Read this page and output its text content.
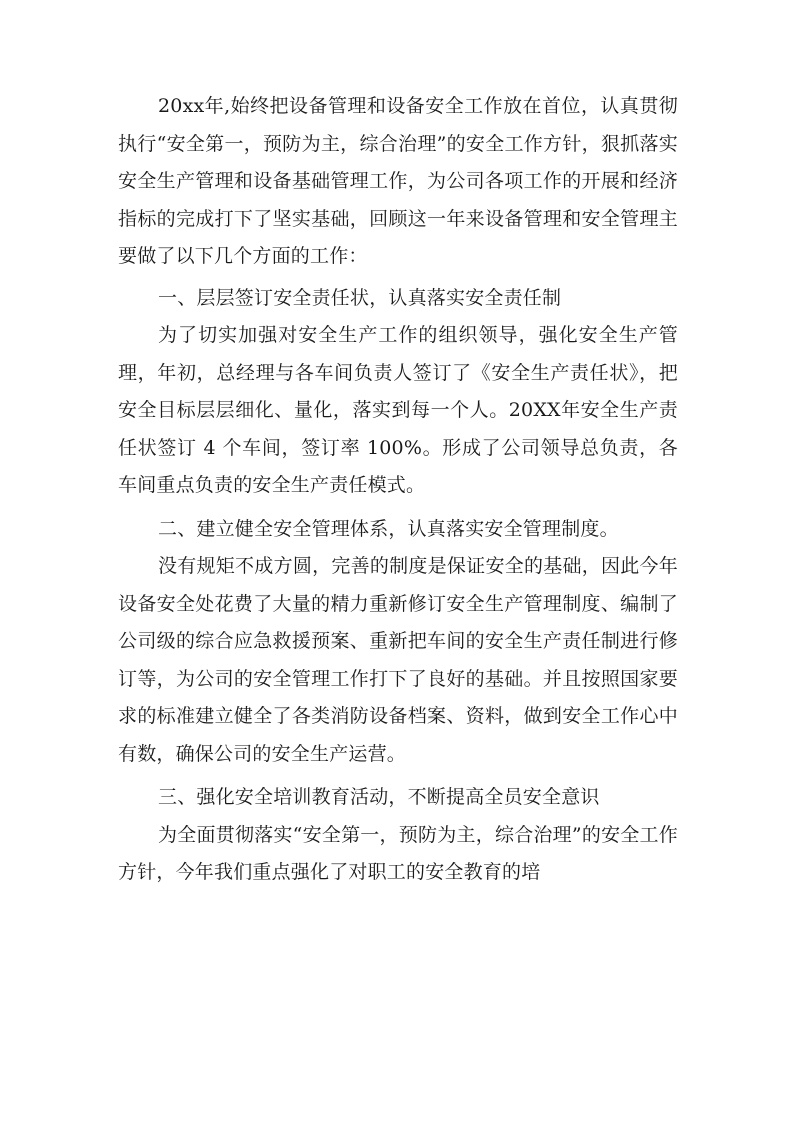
20xx年,始终把设备管理和设备安全工作放在首位，认真贯彻执行“安全第一，预防为主，综合治理”的安全工作方针，狠抓落实安全生产管理和设备基础管理工作，为公司各项工作的开展和经济指标的完成打下了坚实基础，回顾这一年来设备管理和安全管理主要做了以下几个方面的工作：

一、层层签订安全责任状，认真落实安全责任制

为了切实加强对安全生产工作的组织领导，强化安全生产管理，年初，总经理与各车间负责人签订了《安全生产责任状》，把安全目标层层细化、量化，落实到每一个人。20XX年安全生产责任状签订 4 个车间，签订率 100%。形成了公司领导总负责，各车间重点负责的安全生产责任模式。

二、建立健全安全管理体系，认真落实安全管理制度。

没有规矩不成方圆，完善的制度是保证安全的基础，因此今年设备安全处花费了大量的精力重新修订安全生产管理制度、编制了公司级的综合应急救援预案、重新把车间的安全生产责任制进行修订等，为公司的安全管理工作打下了良好的基础。并且按照国家要求的标准建立健全了各类消防设备档案、资料，做到安全工作心中有数，确保公司的安全生产运营。

三、强化安全培训教育活动，不断提高全员安全意识

为全面贯彻落实“安全第一，预防为主，综合治理”的安全工作方针，今年我们重点强化了对职工的安全教育的培
